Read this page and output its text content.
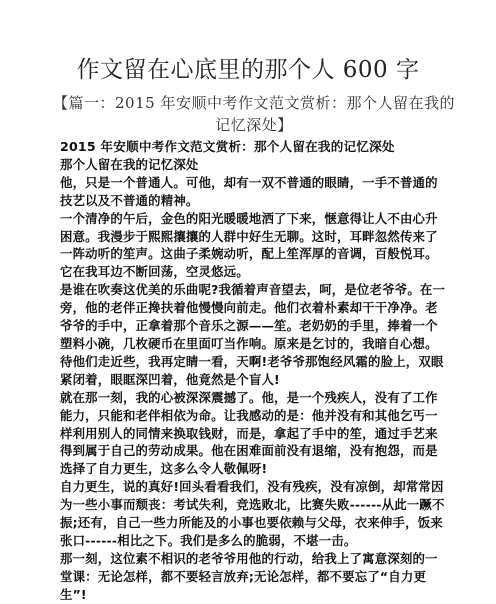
作文留在心底里的那个人 600 字
【篇一：2015 年安顺中考作文范文赏析：那个人留在我的记忆深处】

2015 年安顺中考作文范文赏析：那个人留在我的记忆深处

那个人留在我的记忆深处

他，只是一个普通人。可他，却有一双不普通的眼睛，一手不普通的技艺以及不普通的精神。

一个清净的午后，金色的阳光暖暖地洒了下来，惬意得让人不由心升困意。我漫步于熙熙攘攘的人群中好生无聊。这时，耳畔忽然传来了一阵动听的笙声。这曲子柔婉动听，配上笙浑厚的音调，百般悦耳。它在我耳边不断回荡，空灵悠远。

是谁在吹奏这优美的乐曲呢?我循着声音望去，呵，是位老爷爷。在一旁，他的老伴正搀扶着他慢慢向前走。他们衣着朴素却干干净净。老爷爷的手中，正拿着那个音乐之源——笙。老奶奶的手里，捧着一个塑料小碗，几枚硬币在里面叮当作响。原来是乞讨的，我暗自心想。待他们走近些，我再定睛一看，天啊!老爷爷那饱经风霜的脸上，双眼紧闭着，眼眶深凹着，他竟然是个盲人!

就在那一刻，我的心被深深震撼了。他，是一个残疾人，没有了工作能力，只能和老伴相依为命。让我感动的是：他并没有和其他乞丐一样利用别人的同情来换取钱财，而是，拿起了手中的笙，通过手艺来得到属于自己的劳动成果。他在困难面前没有退缩，没有抱怨，而是选择了自力更生，这多么令人敬佩呀!

自力更生，说的真好!回头看看我们，没有残疾，没有凉倒，却常常因为一些小事而颓丧：考试失利，竞选败北，比赛失败------从此一蹶不振;还有，自己一些力所能及的小事也要依赖与父母，衣来伸手，饭来张口------相比之下。我们是多么的脆弱，不堪一击。

那一刻，这位素不相识的老爷爷用他的行动，给我上了寓意深刻的一堂课：无论怎样，都不要轻言放弃;无论怎样，都不要忘了“自力更生”!
